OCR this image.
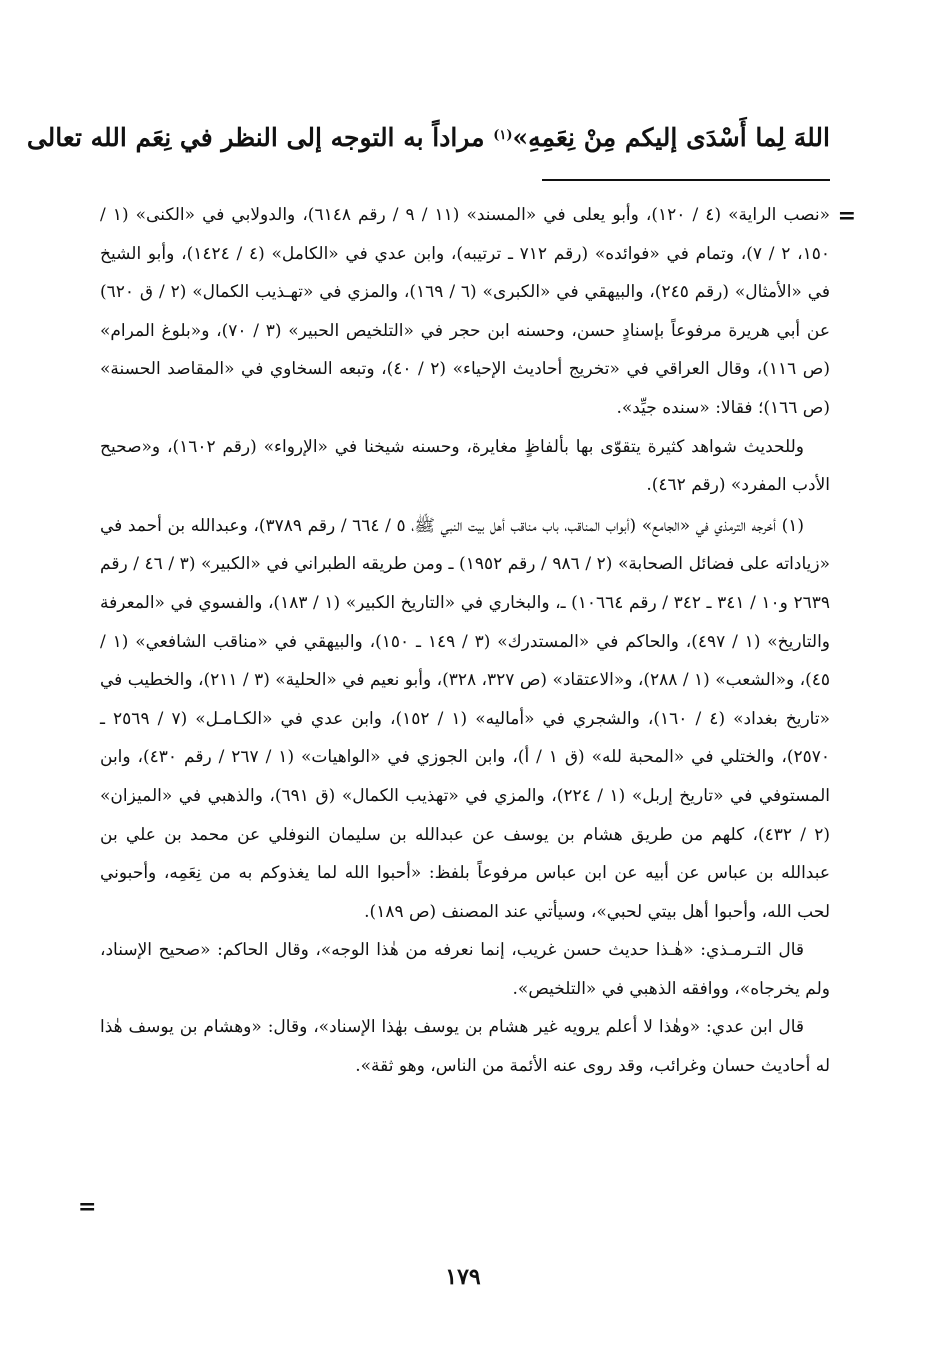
اللهَ لِما أَسْدَى إليكم مِنْ نِعَمِهِ»$^{(١)}$ مراداً به التوجه إلى النظر في نِعَم الله تعالى
=

«نصب الراية» (٤ / ١٢٠)، وأبو يعلى في «المسند» (١١ / ٩ / رقم ٦١٤٨)، والدولابي في «الكنى» (١ / ١٥٠، ٢ / ٧)، وتمام في «فوائده» (رقم ٧١٢ ـ ترتيبه)، وابن عدي في «الكامل» (٤ / ١٤٢٤)، وأبو الشيخ في «الأمثال» (رقم ٢٤٥)، والبيهقي في «الكبرى» (٦ / ١٦٩)، والمزي في «تهـذيب الكمال» (٢ / ق ٦٢٠) عن أبي هريرة مرفوعاً بإسنادٍ حسن، وحسنه ابن حجر في «التلخيص الحبير» (٣ / ٧٠)، و«بلوغ المرام» (ص ١١٦)، وقال العراقي في «تخريج أحاديث الإحياء» (٢ / ٤٠)، وتبعه السخاوي في «المقاصد الحسنة» (ص ١٦٦)؛ فقالا: «سنده جيِّد».

وللحديث شواهد كثيرة يتقوّى بها بألفاظٍ مغايرة، وحسنه شيخنا في «الإرواء» (رقم ١٦٠٢)، و«صحيح الأدب المفرد» (رقم ٤٦٢).

(١) أخرجه الترمذي في «الجامع» (أبواب المناقب، باب مناقب أهل بيت النبي ﷺ، ٥ / ٦٦٤ / رقم ٣٧٨٩)، وعبدالله بن أحمد في «زياداته على فضائل الصحابة» (٢ / ٩٨٦ / رقم ١٩٥٢) ـ ومن طريقه الطبراني في «الكبير» (٣ / ٤٦ / رقم ٢٦٣٩ و١٠ / ٣٤١ ـ ٣٤٢ / رقم ١٠٦٦٤) ـ، والبخاري في «التاريخ الكبير» (١ / ١٨٣)، والفسوي في «المعرفة والتاريخ» (١ / ٤٩٧)، والحاكم في «المستدرك» (٣ / ١٤٩ ـ ١٥٠)، والبيهقي في «مناقب الشافعي» (١ / ٤٥)، و«الشعب» (١ / ٢٨٨)، و«الاعتقاد» (ص ٣٢٧، ٣٢٨)، وأبو نعيم في «الحلية» (٣ / ٢١١)، والخطيب في «تاريخ بغداد» (٤ / ١٦٠)، والشجري في «أماليه» (١ / ١٥٢)، وابن عدي في «الكـامـل» (٧ / ٢٥٦٩ ـ ٢٥٧٠)، والختلي في «المحبة لله» (ق ١ / أ)، وابن الجوزي في «الواهيات» (١ / ٢٦٧ / رقم ٤٣٠)، وابن المستوفي في «تاريخ إربل» (١ / ٢٢٤)، والمزي في «تهذيب الكمال» (ق ٦٩١)، والذهبي في «الميزان» (٢ / ٤٣٢)، كلهم من طريق هشام بن يوسف عن عبدالله بن سليمان النوفلي عن محمد بن علي بن عبدالله بن عباس عن أبيه عن ابن عباس مرفوعاً بلفظ: «أحبوا الله لما يغذوكم به من نِعَمِه، وأحبوني لحب الله، وأحبوا أهل بيتي لحبي»، وسيأتي عند المصنف (ص ١٨٩).

قال التـرمـذي: «هٰـذا حديث حسن غريب، إنما نعرفه من هٰذا الوجه»، وقال الحاكم: «صحيح الإسناد، ولم يخرجاه»، ووافقه الذهبي في «التلخيص».

قال ابن عدي: «وهٰذا لا أعلم يرويه غير هشام بن يوسف بهٰذا الإسناد»، وقال: «وهشام بن يوسف هٰذا له أحاديث حسان وغرائب، وقد روى عنه الأئمة من الناس، وهو ثقة».

=
١٧٩
